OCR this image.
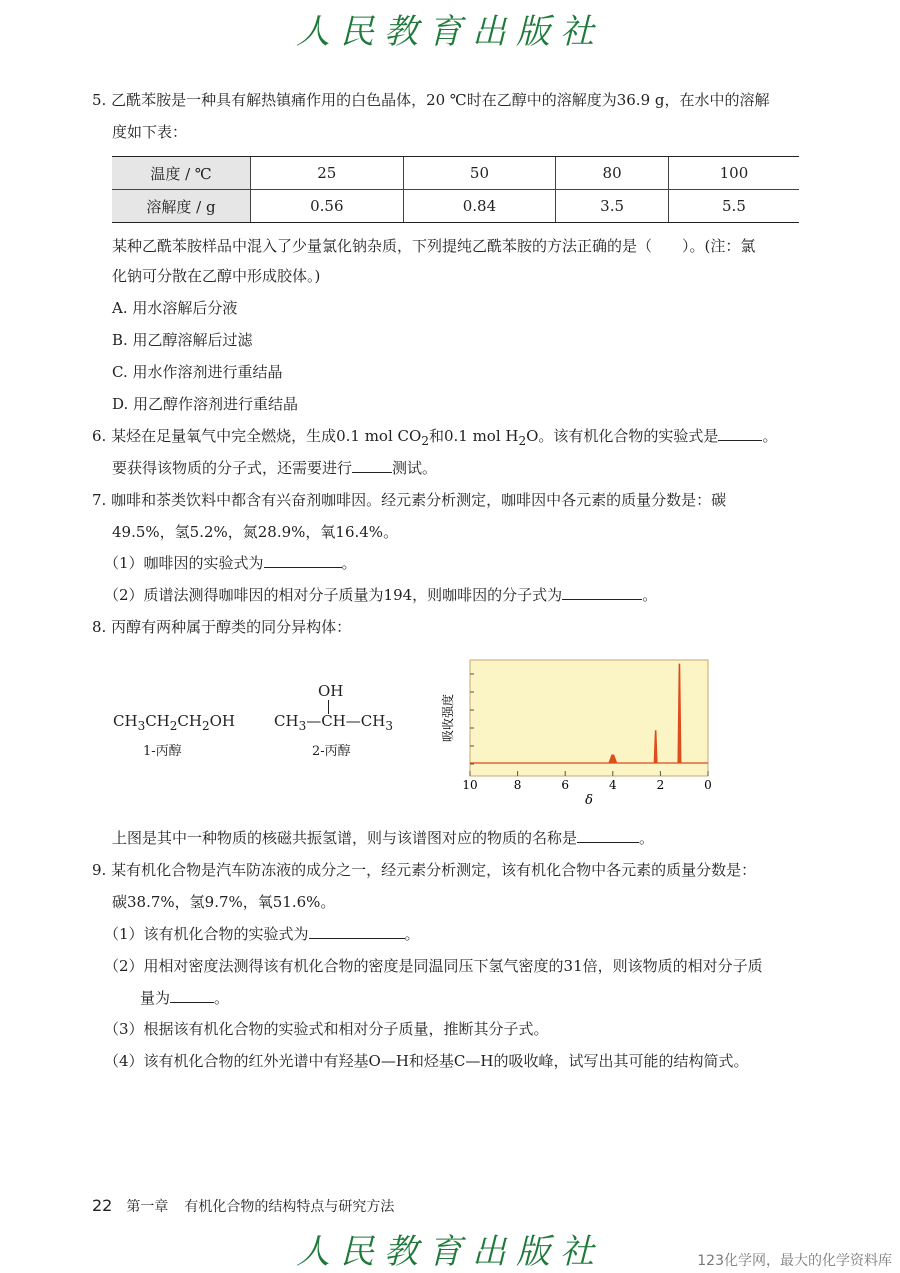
人民教育出版社
5. 乙酰苯胺是一种具有解热镇痛作用的白色晶体，20 ℃时在乙醇中的溶解度为36.9 g，在水中的溶解
度如下表：
温度 / ℃	25	50	80	100
溶解度 / g	0.56	0.84	3.5	5.5
某种乙酰苯胺样品中混入了少量氯化钠杂质，下列提纯乙酰苯胺的方法正确的是（　　）。(注：氯
化钠可分散在乙醇中形成胶体。)
A. 用水溶解后分液
B. 用乙醇溶解后过滤
C. 用水作溶剂进行重结晶
D. 用乙醇作溶剂进行重结晶
6. 某烃在足量氧气中完全燃烧，生成0.1 mol $CO_2$和0.1 mol $H_2O$。该有机化合物的实验式是	。
要获得该物质的分子式，还需要进行	测试。
7. 咖啡和茶类饮料中都含有兴奋剂咖啡因。经元素分析测定，咖啡因中各元素的质量分数是：碳
49.5%，氢5.2%，氮28.9%，氧16.4%。
（1）咖啡因的实验式为	。
（2）质谱法测得咖啡因的相对分子质量为194，则咖啡因的分子式为	。
8. 丙醇有两种属于醇类的同分异构体：
$CH_3CH_2CH_2OH$
1-丙醇
OH
$CH_3—CH—CH_3$
2-丙醇
吸收强度
10	8	6	4	2	0
δ
上图是其中一种物质的核磁共振氢谱，则与该谱图对应的物质的名称是	。
9. 某有机化合物是汽车防冻液的成分之一，经元素分析测定，该有机化合物中各元素的质量分数是：
碳38.7%，氢9.7%，氧51.6%。
（1）该有机化合物的实验式为	。
（2）用相对密度法测得该有机化合物的密度是同温同压下氢气密度的31倍，则该物质的相对分子质
量为	。
（3）根据该有机化合物的实验式和相对分子质量，推断其分子式。
（4）该有机化合物的红外光谱中有羟基O—H和烃基C—H的吸收峰，试写出其可能的结构简式。
22 第一章 有机化合物的结构特点与研究方法
人民教育出版社	123化学网，最大的化学资料库
